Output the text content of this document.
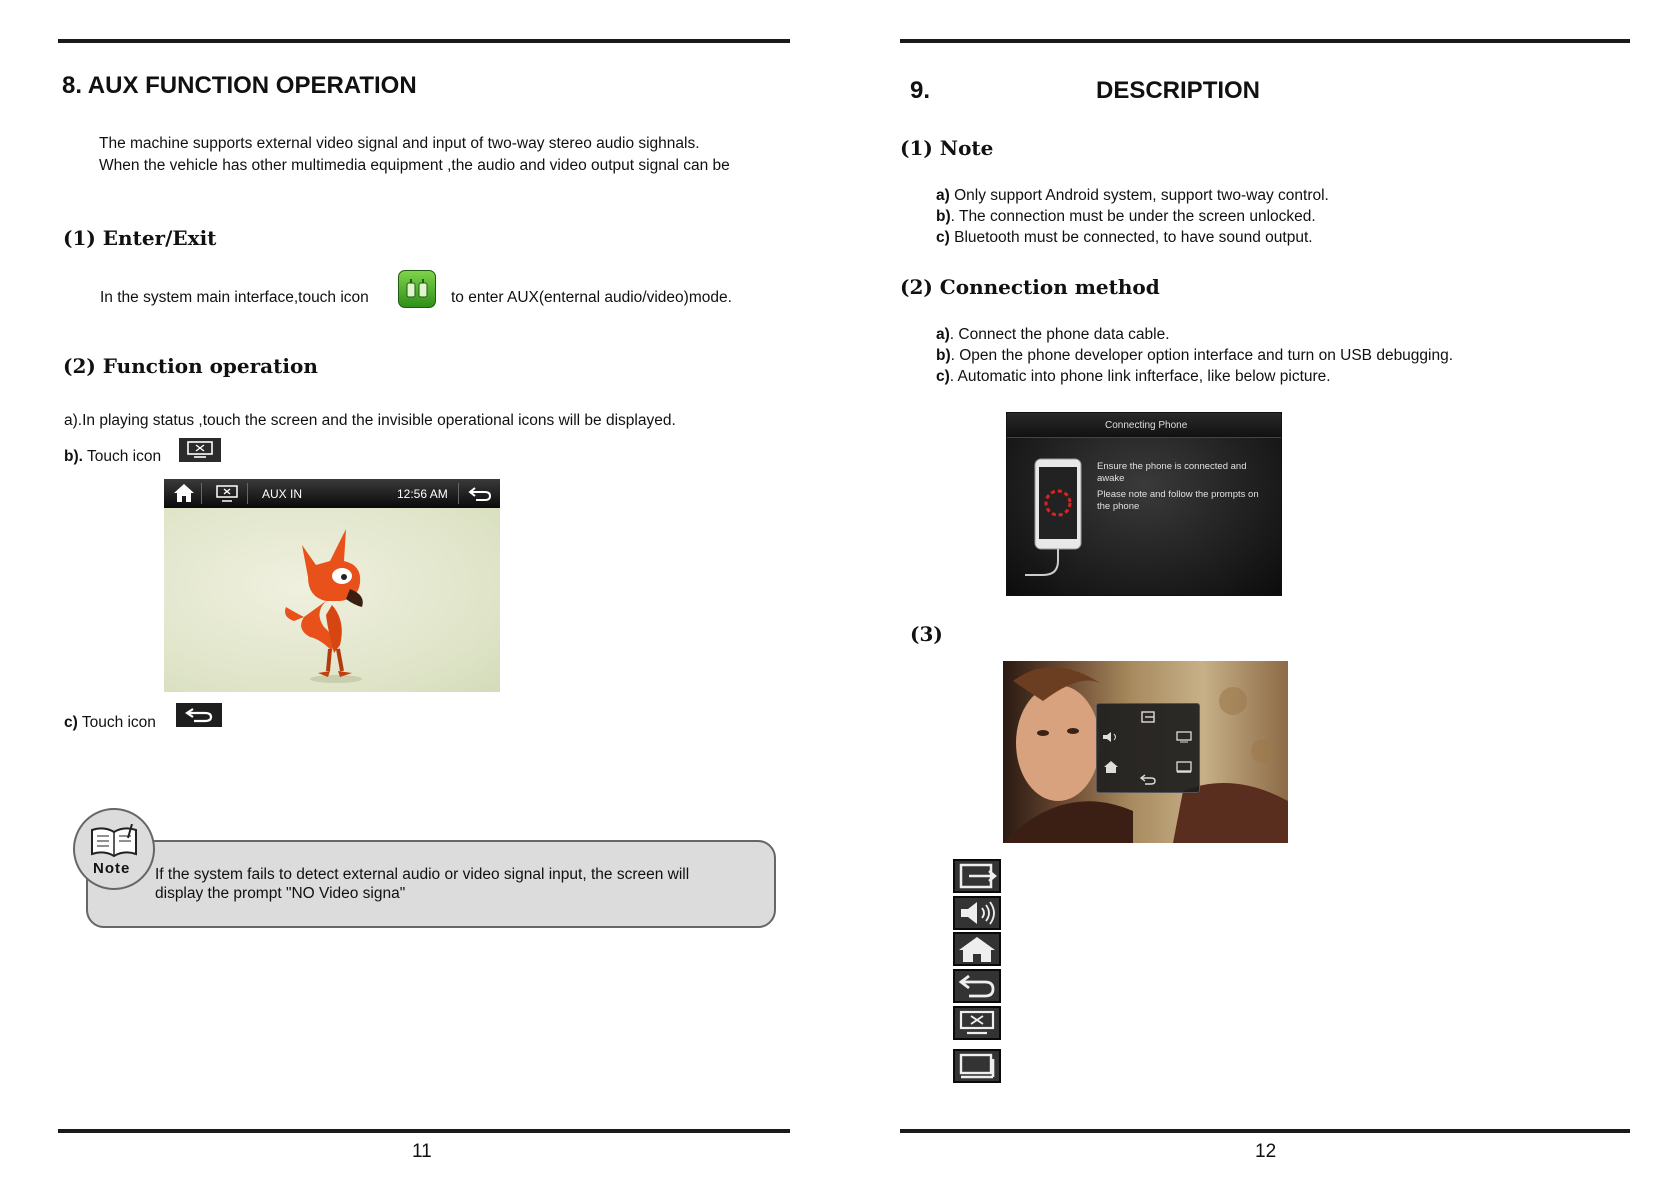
8. AUX FUNCTION OPERATION
The machine supports external video signal and input of two-way stereo audio sighnals.
When the vehicle has other multimedia equipment ,the audio and video output signal can be
(1) Enter/Exit
In the system main interface,touch icon	to enter AUX(enternal audio/video)mode.
(2) Function operation
a).In playing status ,touch the screen and the invisible operational icons will be displayed.
b). Touch icon
AUX IN	12:56 AM
c) Touch icon
If the system fails to detect external audio or video signal input, the screen will
display the prompt "NO Video signa"
Note
11
9.	DESCRIPTION
(1) Note
a) Only support Android system, support two-way control.
b). The connection must be under the screen unlocked.
c) Bluetooth must be connected, to have sound output.
(2) Connection method
a). Connect the phone data cable.
b). Open the phone developer option interface and turn on USB debugging.
c). Automatic into phone link infterface, like below picture.
Connecting Phone
Ensure the phone is connected and
awake
Please note and follow the prompts on
the phone
(3)
12
